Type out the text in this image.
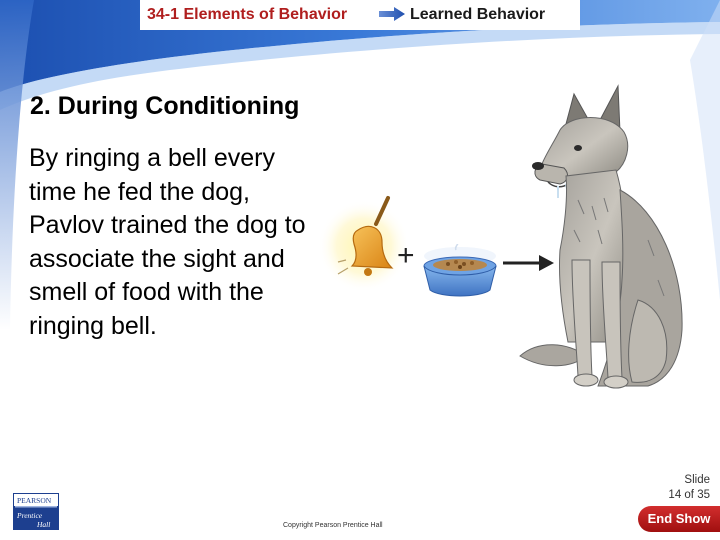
34-1 Elements of Behavior	Learned Behavior
2. During Conditioning
By ringing a bell every time he fed the dog, Pavlov trained the dog to associate the sight and smell of food with the ringing bell.
+
Slide
14 of 35
PEARSON
Prentice
Hall	Copyright Pearson Prentice Hall	End Show
